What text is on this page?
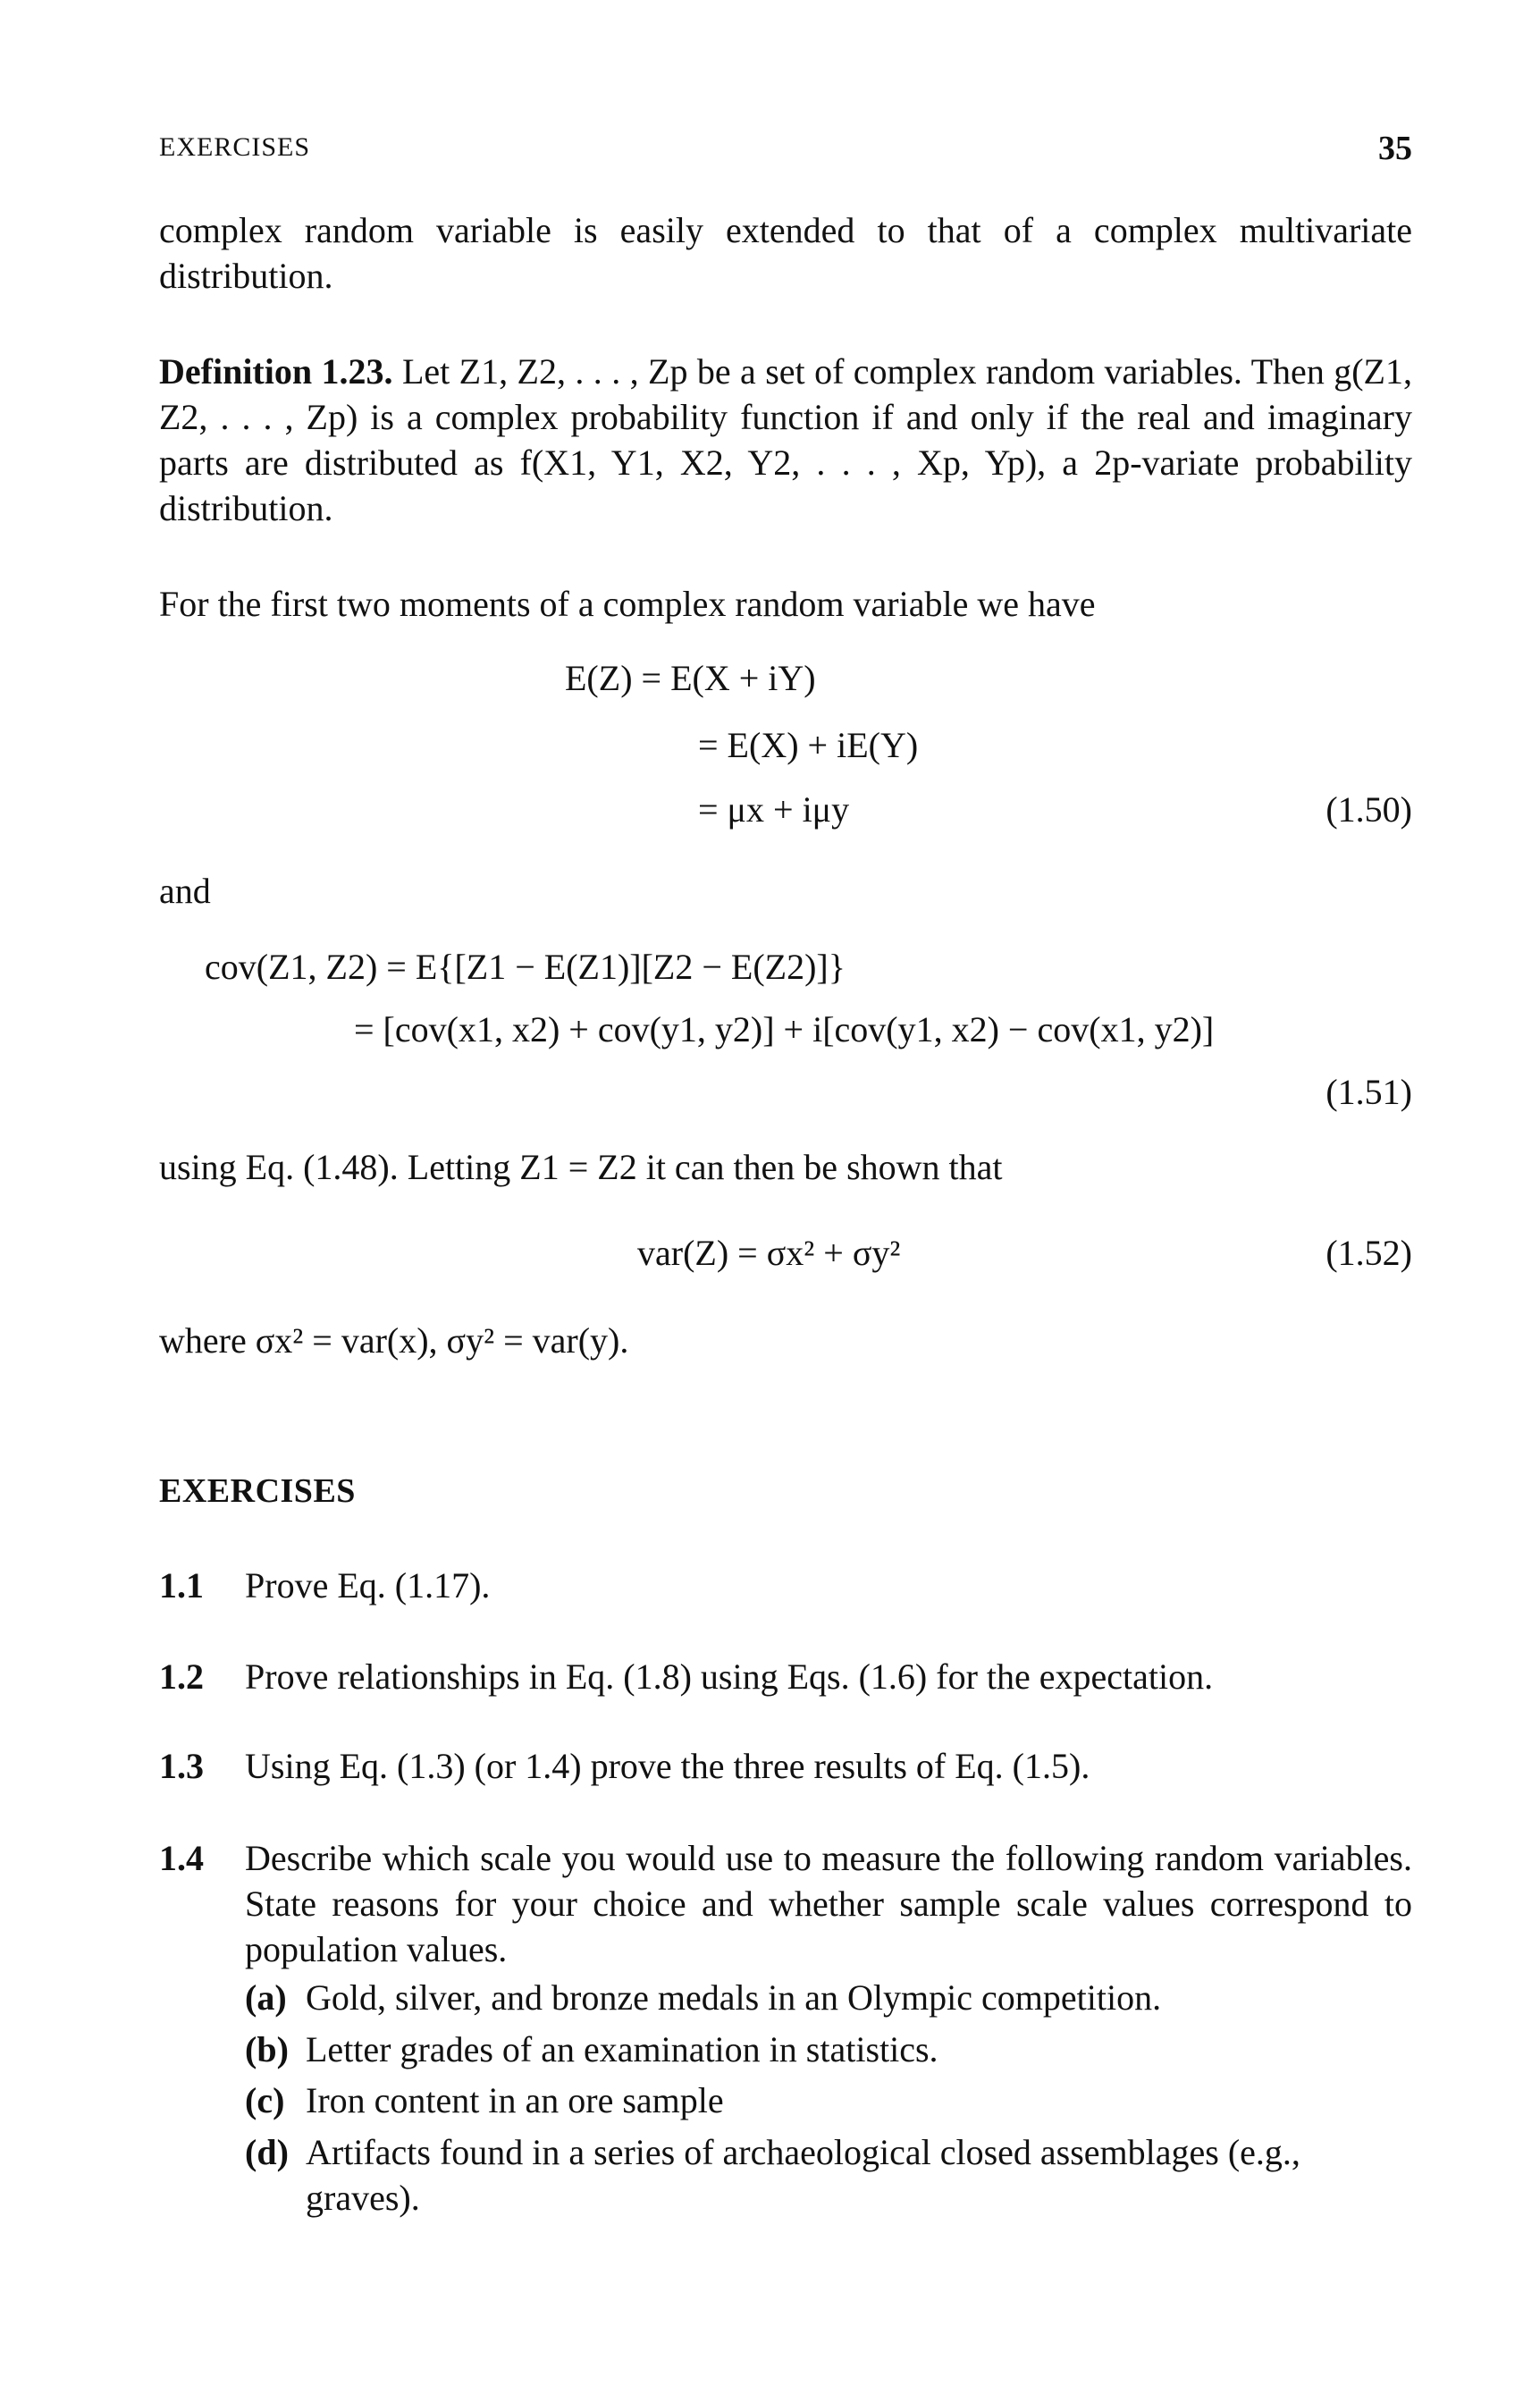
EXERCISES	35
complex random variable is easily extended to that of a complex multivariate distribution.
Definition 1.23. Let Z1, Z2, . . . , Zp be a set of complex random variables. Then g(Z1, Z2, . . . , Zp) is a complex probability function if and only if the real and imaginary parts are distributed as f(X1, Y1, X2, Y2, . . . , Xp, Yp), a 2p-variate probability distribution.
For the first two moments of a complex random variable we have
E(Z) = E(X + iY)
= E(X) + iE(Y)
= μx + iμy	(1.50)
and
cov(Z1, Z2) = E{[Z1 − E(Z1)][Z2 − E(Z2)]}
= [cov(x1, x2) + cov(y1, y2)] + i[cov(y1, x2) − cov(x1, y2)]
(1.51)
using Eq. (1.48). Letting Z1 = Z2 it can then be shown that
var(Z) = σx² + σy²	(1.52)
where σx² = var(x), σy² = var(y).
EXERCISES
1.1 Prove Eq. (1.17).
1.2 Prove relationships in Eq. (1.8) using Eqs. (1.6) for the expectation.
1.3 Using Eq. (1.3) (or 1.4) prove the three results of Eq. (1.5).
1.4 Describe which scale you would use to measure the following random variables. State reasons for your choice and whether sample scale values correspond to population values.
(a) Gold, silver, and bronze medals in an Olympic competition.
(b) Letter grades of an examination in statistics.
(c) Iron content in an ore sample
(d) Artifacts found in a series of archaeological closed assemblages (e.g., graves).
